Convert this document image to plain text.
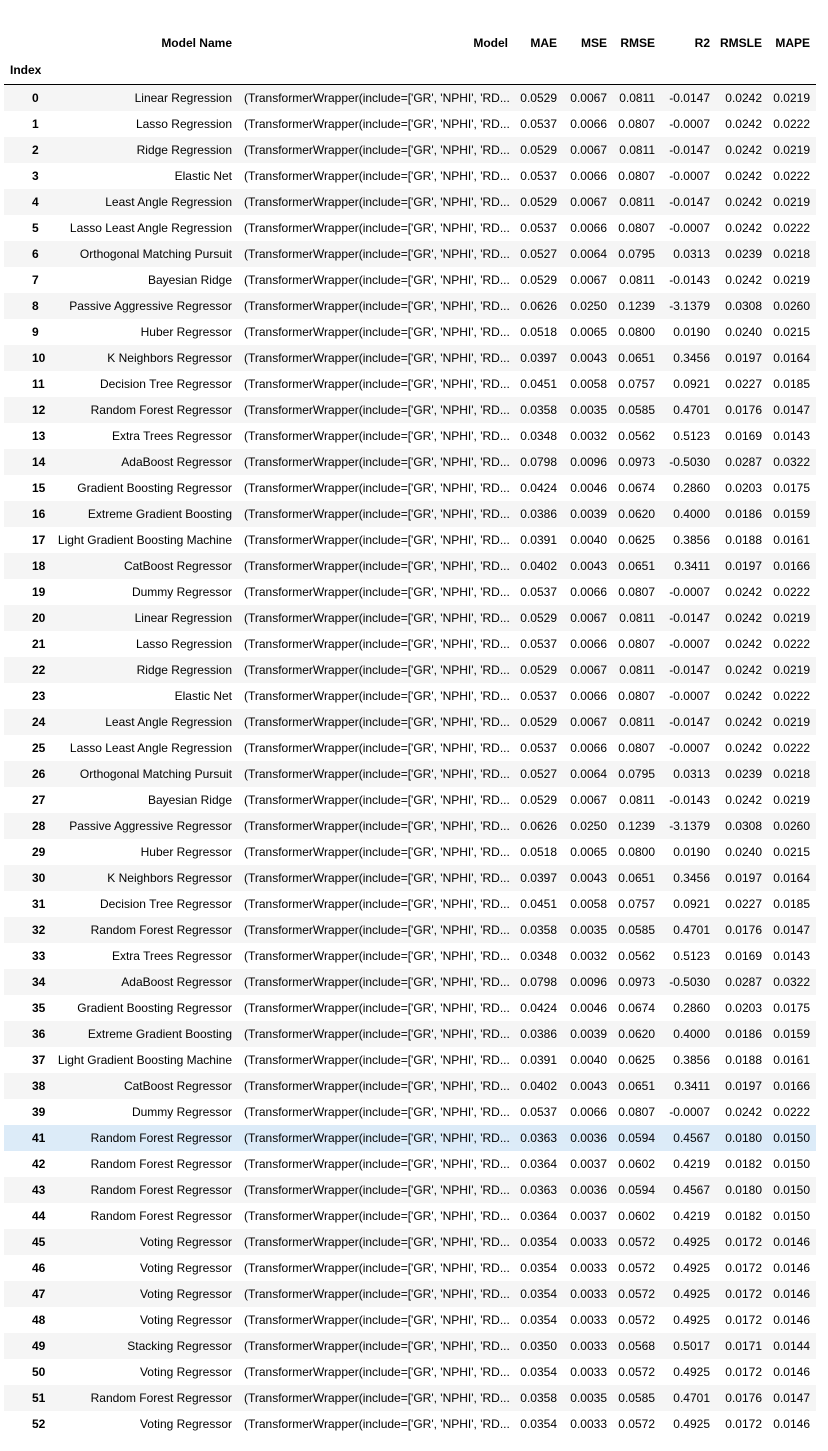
	Model Name	Model	MAE	MSE	RMSE	R2	RMSLE	MAPE
Index								
0	Linear Regression	(TransformerWrapper(include=['GR', 'NPHI', 'RD...	0.0529	0.0067	0.0811	-0.0147	0.0242	0.0219
1	Lasso Regression	(TransformerWrapper(include=['GR', 'NPHI', 'RD...	0.0537	0.0066	0.0807	-0.0007	0.0242	0.0222
2	Ridge Regression	(TransformerWrapper(include=['GR', 'NPHI', 'RD...	0.0529	0.0067	0.0811	-0.0147	0.0242	0.0219
3	Elastic Net	(TransformerWrapper(include=['GR', 'NPHI', 'RD...	0.0537	0.0066	0.0807	-0.0007	0.0242	0.0222
4	Least Angle Regression	(TransformerWrapper(include=['GR', 'NPHI', 'RD...	0.0529	0.0067	0.0811	-0.0147	0.0242	0.0219
5	Lasso Least Angle Regression	(TransformerWrapper(include=['GR', 'NPHI', 'RD...	0.0537	0.0066	0.0807	-0.0007	0.0242	0.0222
6	Orthogonal Matching Pursuit	(TransformerWrapper(include=['GR', 'NPHI', 'RD...	0.0527	0.0064	0.0795	0.0313	0.0239	0.0218
7	Bayesian Ridge	(TransformerWrapper(include=['GR', 'NPHI', 'RD...	0.0529	0.0067	0.0811	-0.0143	0.0242	0.0219
8	Passive Aggressive Regressor	(TransformerWrapper(include=['GR', 'NPHI', 'RD...	0.0626	0.0250	0.1239	-3.1379	0.0308	0.0260
9	Huber Regressor	(TransformerWrapper(include=['GR', 'NPHI', 'RD...	0.0518	0.0065	0.0800	0.0190	0.0240	0.0215
10	K Neighbors Regressor	(TransformerWrapper(include=['GR', 'NPHI', 'RD...	0.0397	0.0043	0.0651	0.3456	0.0197	0.0164
11	Decision Tree Regressor	(TransformerWrapper(include=['GR', 'NPHI', 'RD...	0.0451	0.0058	0.0757	0.0921	0.0227	0.0185
12	Random Forest Regressor	(TransformerWrapper(include=['GR', 'NPHI', 'RD...	0.0358	0.0035	0.0585	0.4701	0.0176	0.0147
13	Extra Trees Regressor	(TransformerWrapper(include=['GR', 'NPHI', 'RD...	0.0348	0.0032	0.0562	0.5123	0.0169	0.0143
14	AdaBoost Regressor	(TransformerWrapper(include=['GR', 'NPHI', 'RD...	0.0798	0.0096	0.0973	-0.5030	0.0287	0.0322
15	Gradient Boosting Regressor	(TransformerWrapper(include=['GR', 'NPHI', 'RD...	0.0424	0.0046	0.0674	0.2860	0.0203	0.0175
16	Extreme Gradient Boosting	(TransformerWrapper(include=['GR', 'NPHI', 'RD...	0.0386	0.0039	0.0620	0.4000	0.0186	0.0159
17	Light Gradient Boosting Machine	(TransformerWrapper(include=['GR', 'NPHI', 'RD...	0.0391	0.0040	0.0625	0.3856	0.0188	0.0161
18	CatBoost Regressor	(TransformerWrapper(include=['GR', 'NPHI', 'RD...	0.0402	0.0043	0.0651	0.3411	0.0197	0.0166
19	Dummy Regressor	(TransformerWrapper(include=['GR', 'NPHI', 'RD...	0.0537	0.0066	0.0807	-0.0007	0.0242	0.0222
20	Linear Regression	(TransformerWrapper(include=['GR', 'NPHI', 'RD...	0.0529	0.0067	0.0811	-0.0147	0.0242	0.0219
21	Lasso Regression	(TransformerWrapper(include=['GR', 'NPHI', 'RD...	0.0537	0.0066	0.0807	-0.0007	0.0242	0.0222
22	Ridge Regression	(TransformerWrapper(include=['GR', 'NPHI', 'RD...	0.0529	0.0067	0.0811	-0.0147	0.0242	0.0219
23	Elastic Net	(TransformerWrapper(include=['GR', 'NPHI', 'RD...	0.0537	0.0066	0.0807	-0.0007	0.0242	0.0222
24	Least Angle Regression	(TransformerWrapper(include=['GR', 'NPHI', 'RD...	0.0529	0.0067	0.0811	-0.0147	0.0242	0.0219
25	Lasso Least Angle Regression	(TransformerWrapper(include=['GR', 'NPHI', 'RD...	0.0537	0.0066	0.0807	-0.0007	0.0242	0.0222
26	Orthogonal Matching Pursuit	(TransformerWrapper(include=['GR', 'NPHI', 'RD...	0.0527	0.0064	0.0795	0.0313	0.0239	0.0218
27	Bayesian Ridge	(TransformerWrapper(include=['GR', 'NPHI', 'RD...	0.0529	0.0067	0.0811	-0.0143	0.0242	0.0219
28	Passive Aggressive Regressor	(TransformerWrapper(include=['GR', 'NPHI', 'RD...	0.0626	0.0250	0.1239	-3.1379	0.0308	0.0260
29	Huber Regressor	(TransformerWrapper(include=['GR', 'NPHI', 'RD...	0.0518	0.0065	0.0800	0.0190	0.0240	0.0215
30	K Neighbors Regressor	(TransformerWrapper(include=['GR', 'NPHI', 'RD...	0.0397	0.0043	0.0651	0.3456	0.0197	0.0164
31	Decision Tree Regressor	(TransformerWrapper(include=['GR', 'NPHI', 'RD...	0.0451	0.0058	0.0757	0.0921	0.0227	0.0185
32	Random Forest Regressor	(TransformerWrapper(include=['GR', 'NPHI', 'RD...	0.0358	0.0035	0.0585	0.4701	0.0176	0.0147
33	Extra Trees Regressor	(TransformerWrapper(include=['GR', 'NPHI', 'RD...	0.0348	0.0032	0.0562	0.5123	0.0169	0.0143
34	AdaBoost Regressor	(TransformerWrapper(include=['GR', 'NPHI', 'RD...	0.0798	0.0096	0.0973	-0.5030	0.0287	0.0322
35	Gradient Boosting Regressor	(TransformerWrapper(include=['GR', 'NPHI', 'RD...	0.0424	0.0046	0.0674	0.2860	0.0203	0.0175
36	Extreme Gradient Boosting	(TransformerWrapper(include=['GR', 'NPHI', 'RD...	0.0386	0.0039	0.0620	0.4000	0.0186	0.0159
37	Light Gradient Boosting Machine	(TransformerWrapper(include=['GR', 'NPHI', 'RD...	0.0391	0.0040	0.0625	0.3856	0.0188	0.0161
38	CatBoost Regressor	(TransformerWrapper(include=['GR', 'NPHI', 'RD...	0.0402	0.0043	0.0651	0.3411	0.0197	0.0166
39	Dummy Regressor	(TransformerWrapper(include=['GR', 'NPHI', 'RD...	0.0537	0.0066	0.0807	-0.0007	0.0242	0.0222
41	Random Forest Regressor	(TransformerWrapper(include=['GR', 'NPHI', 'RD...	0.0363	0.0036	0.0594	0.4567	0.0180	0.0150
42	Random Forest Regressor	(TransformerWrapper(include=['GR', 'NPHI', 'RD...	0.0364	0.0037	0.0602	0.4219	0.0182	0.0150
43	Random Forest Regressor	(TransformerWrapper(include=['GR', 'NPHI', 'RD...	0.0363	0.0036	0.0594	0.4567	0.0180	0.0150
44	Random Forest Regressor	(TransformerWrapper(include=['GR', 'NPHI', 'RD...	0.0364	0.0037	0.0602	0.4219	0.0182	0.0150
45	Voting Regressor	(TransformerWrapper(include=['GR', 'NPHI', 'RD...	0.0354	0.0033	0.0572	0.4925	0.0172	0.0146
46	Voting Regressor	(TransformerWrapper(include=['GR', 'NPHI', 'RD...	0.0354	0.0033	0.0572	0.4925	0.0172	0.0146
47	Voting Regressor	(TransformerWrapper(include=['GR', 'NPHI', 'RD...	0.0354	0.0033	0.0572	0.4925	0.0172	0.0146
48	Voting Regressor	(TransformerWrapper(include=['GR', 'NPHI', 'RD...	0.0354	0.0033	0.0572	0.4925	0.0172	0.0146
49	Stacking Regressor	(TransformerWrapper(include=['GR', 'NPHI', 'RD...	0.0350	0.0033	0.0568	0.5017	0.0171	0.0144
50	Voting Regressor	(TransformerWrapper(include=['GR', 'NPHI', 'RD...	0.0354	0.0033	0.0572	0.4925	0.0172	0.0146
51	Random Forest Regressor	(TransformerWrapper(include=['GR', 'NPHI', 'RD...	0.0358	0.0035	0.0585	0.4701	0.0176	0.0147
52	Voting Regressor	(TransformerWrapper(include=['GR', 'NPHI', 'RD...	0.0354	0.0033	0.0572	0.4925	0.0172	0.0146
